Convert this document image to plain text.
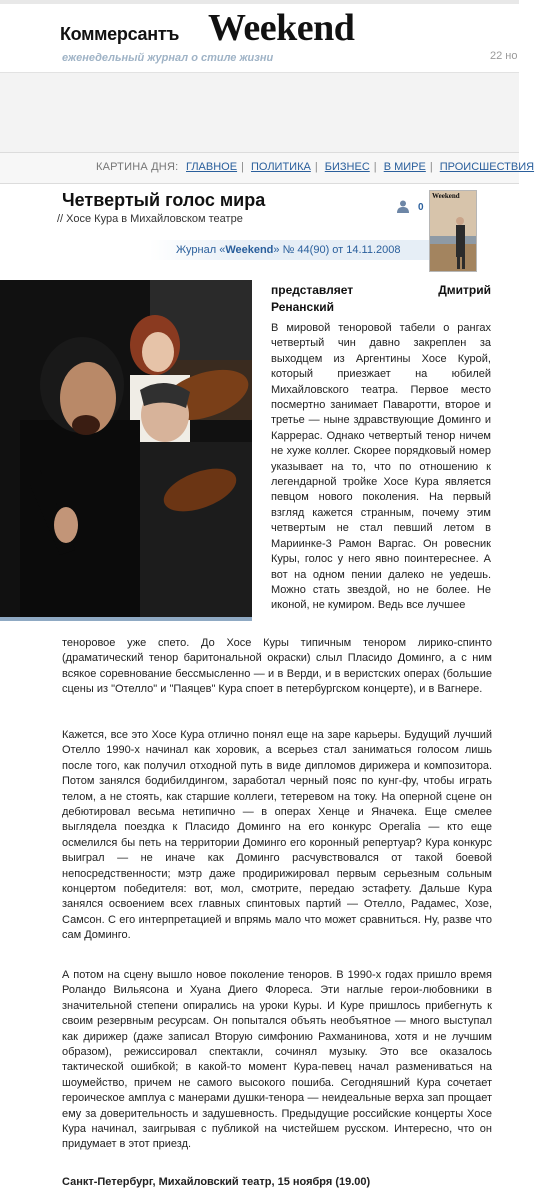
Коммерсантъ Weekend
еженедельный журнал о стиле жизни	22 но
КАРТИНА ДНЯ: ГЛАВНОЕ | ПОЛИТИКА | БИЗНЕС | В МИРЕ | ПРОИСШЕСТВИЯ
Четвертый голос мира
// Хосе Кура в Михайловском театре
0
Weekend
Журнал «Weekend» № 44(90) от 14.11.2008
представляет Дмитрий
Ренанский
В мировой теноровой табели о рангах четвертый чин давно закреплен за выходцем из Аргентины Хосе Курой, который приезжает на юбилей Михайловского театра. Первое место посмертно занимает Паваротти, второе и третье — ныне здравствующие Доминго и Каррерас. Однако четвертый тенор ничем не хуже коллег. Скорее порядковый номер указывает на то, что по отношению к легендарной тройке Хосе Кура является певцом нового поколения. На первый взгляд кажется странным, почему этим четвертым не стал певший летом в Мариинке-3 Рамон Варгас. Он ровесник Куры, голос у него явно поинтереснее. А вот на одном пении далеко не уедешь. Можно стать звездой, но не более. Не иконой, не кумиром. Ведь все лучшее
теноровое уже спето. До Хосе Куры типичным тенором лирико-спинто (драматический тенор баритональной окраски) слыл Пласидо Доминго, а с ним всякое соревнование бессмысленно — и в Верди, и в веристских операх (большие сцены из "Отелло" и "Паяцев" Кура споет в петербургском концерте), и в Вагнере.
Кажется, все это Хосе Кура отлично понял еще на заре карьеры. Будущий лучший Отелло 1990-х начинал как хоровик, а всерьез стал заниматься голосом лишь после того, как получил отходной путь в виде дипломов дирижера и композитора. Потом занялся бодибилдингом, заработал черный пояс по кунг-фу, чтобы играть телом, а не стоять, как старшие коллеги, тетеревом на току. На оперной сцене он дебютировал весьма нетипично — в операх Хенце и Яначека. Еще смелее выглядела поездка к Пласидо Доминго на его конкурс Operalia — кто еще осмелился бы петь на территории Доминго его коронный репертуар? Кура конкурс выиграл — не иначе как Доминго расчувствовался от такой боевой непосредственности; мэтр даже продирижировал первым серьезным сольным концертом победителя: вот, мол, смотрите, передаю эстафету. Дальше Кура занялся освоением всех главных спинтовых партий — Отелло, Радамес, Хозе, Самсон. С его интерпретацией и впрямь мало что может сравниться. Ну, разве что сам Доминго.
А потом на сцену вышло новое поколение теноров. В 1990-х годах пришло время Роландо Вильясона и Хуана Диего Флореса. Эти наглые герои-любовники в значительной степени опирались на уроки Куры. И Куре пришлось прибегнуть к своим резервным ресурсам. Он попытался объять необъятное — много выступал как дирижер (даже записал Вторую симфонию Рахманинова, хотя и не лучшим образом), режиссировал спектакли, сочинял музыку. Это все оказалось тактической ошибкой; в какой-то момент Кура-певец начал размениваться на шоумейство, причем не самого высокого пошиба. Сегодняшний Кура сочетает героическое амплуа с манерами душки-тенора — неидеальные верха зап прощает ему за доверительность и задушевность. Предыдущие российские концерты Хосе Кура начинал, заигрывая с публикой на чистейшем русском. Интересно, что он придумает в этот приезд.
Санкт-Петербург, Михайловский театр, 15 ноября (19.00)
